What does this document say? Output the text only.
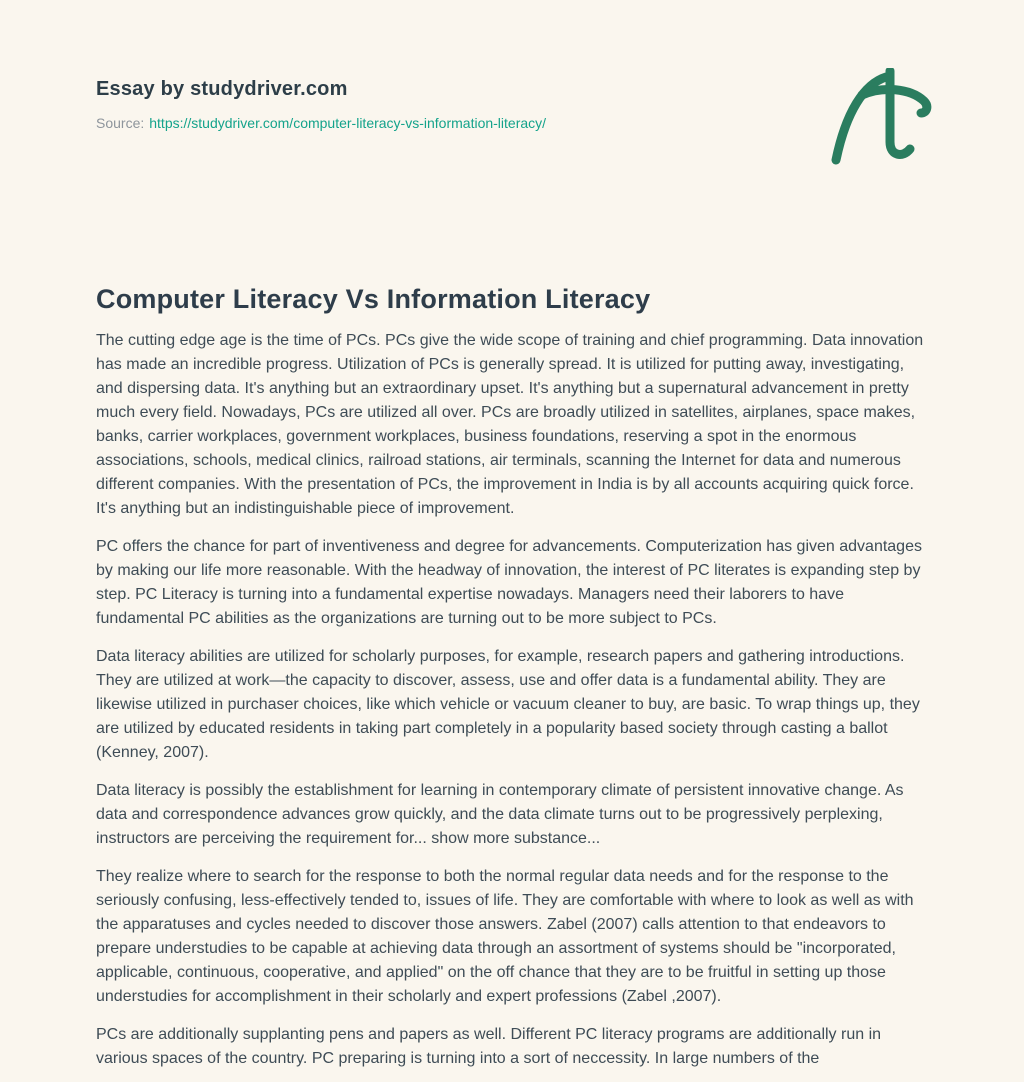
Essay by studydriver.com
Source: https://studydriver.com/computer-literacy-vs-information-literacy/
Computer Literacy Vs Information Literacy

The cutting edge age is the time of PCs. PCs give the wide scope of training and chief programming. Data innovation has made an incredible progress. Utilization of PCs is generally spread. It is utilized for putting away, investigating, and dispersing data. It's anything but an extraordinary upset. It's anything but a supernatural advancement in pretty much every field. Nowadays, PCs are utilized all over. PCs are broadly utilized in satellites, airplanes, space makes, banks, carrier workplaces, government workplaces, business foundations, reserving a spot in the enormous associations, schools, medical clinics, railroad stations, air terminals, scanning the Internet for data and numerous different companies. With the presentation of PCs, the improvement in India is by all accounts acquiring quick force. It's anything but an indistinguishable piece of improvement.

PC offers the chance for part of inventiveness and degree for advancements. Computerization has given advantages by making our life more reasonable. With the headway of innovation, the interest of PC literates is expanding step by step. PC Literacy is turning into a fundamental expertise nowadays. Managers need their laborers to have fundamental PC abilities as the organizations are turning out to be more subject to PCs.

Data literacy abilities are utilized for scholarly purposes, for example, research papers and gathering introductions. They are utilized at work—the capacity to discover, assess, use and offer data is a fundamental ability. They are likewise utilized in purchaser choices, like which vehicle or vacuum cleaner to buy, are basic. To wrap things up, they are utilized by educated residents in taking part completely in a popularity based society through casting a ballot (Kenney, 2007).

Data literacy is possibly the establishment for learning in contemporary climate of persistent innovative change. As data and correspondence advances grow quickly, and the data climate turns out to be progressively perplexing, instructors are perceiving the requirement for... show more substance...

They realize where to search for the response to both the normal regular data needs and for the response to the seriously confusing, less-effectively tended to, issues of life. They are comfortable with where to look as well as with the apparatuses and cycles needed to discover those answers. Zabel (2007) calls attention to that endeavors to prepare understudies to be capable at achieving data through an assortment of systems should be "incorporated, applicable, continuous, cooperative, and applied" on the off chance that they are to be fruitful in setting up those understudies for accomplishment in their scholarly and expert professions (Zabel ,2007).

PCs are additionally supplanting pens and papers as well. Different PC literacy programs are additionally run in various spaces of the country. PC preparing is turning into a sort of neccessity. In large numbers of the
